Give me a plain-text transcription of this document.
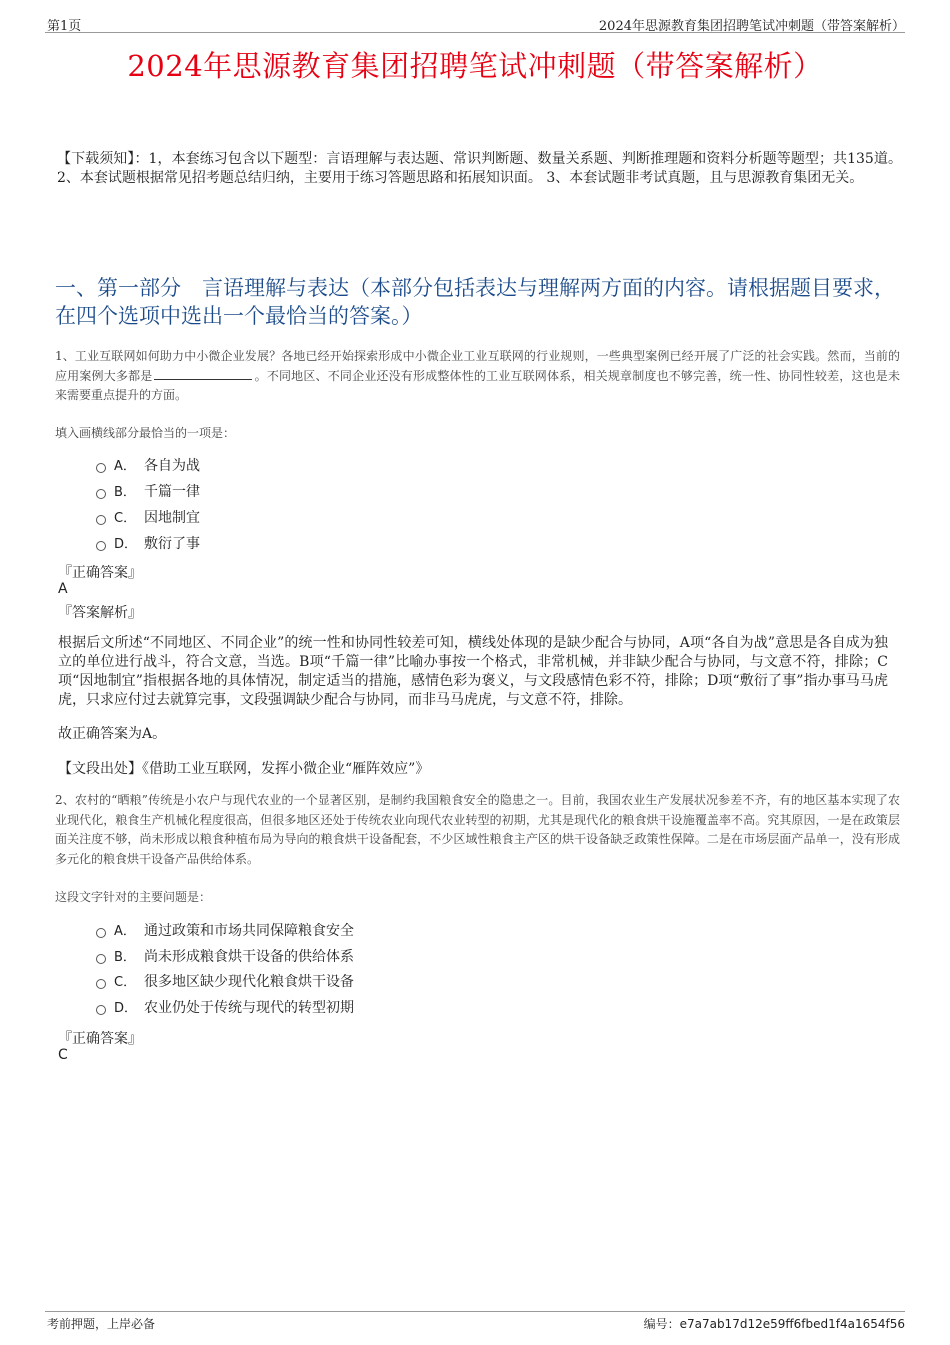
第1页	2024年思源教育集团招聘笔试冲刺题（带答案解析）
2024年思源教育集团招聘笔试冲刺题（带答案解析）
【下载须知】：1，本套练习包含以下题型：言语理解与表达题、常识判断题、数量关系题、判断推理题和资料分析题等题型；共135道。 2、本套试题根据常见招考题总结归纳，主要用于练习答题思路和拓展知识面。 3、本套试题非考试真题，且与思源教育集团无关。
一、第一部分　言语理解与表达（本部分包括表达与理解两方面的内容。请根据题目要求，在四个选项中选出一个最恰当的答案。）
1、工业互联网如何助力中小微企业发展？各地已经开始探索形成中小微企业工业互联网的行业规则，一些典型案例已经开展了广泛的社会实践。然而，当前的应用案例大多都是	。不同地区、不同企业还没有形成整体性的工业互联网体系，相关规章制度也不够完善，统一性、协同性较差，这也是未来需要重点提升的方面。
填入画横线部分最恰当的一项是：
A． 各自为战
B． 千篇一律
C． 因地制宜
D． 敷衍了事
『正确答案』
A
『答案解析』
根据后文所述“不同地区、不同企业”的统一性和协同性较差可知，横线处体现的是缺少配合与协同，A项“各自为战”意思是各自成为独立的单位进行战斗，符合文意，当选。B项“千篇一律”比喻办事按一个格式，非常机械，并非缺少配合与协同，与文意不符，排除；C项“因地制宜”指根据各地的具体情况，制定适当的措施，感情色彩为褒义，与文段感情色彩不符，排除；D项“敷衍了事”指办事马马虎虎，只求应付过去就算完事，文段强调缺少配合与协同，而非马马虎虎，与文意不符，排除。
故正确答案为A。
【文段出处】《借助工业互联网，发挥小微企业“雁阵效应”》
2、农村的“晒粮”传统是小农户与现代农业的一个显著区别，是制约我国粮食安全的隐患之一。目前，我国农业生产发展状况参差不齐，有的地区基本实现了农业现代化，粮食生产机械化程度很高，但很多地区还处于传统农业向现代农业转型的初期，尤其是现代化的粮食烘干设施覆盖率不高。究其原因，一是在政策层面关注度不够，尚未形成以粮食种植布局为导向的粮食烘干设备配套，不少区域性粮食主产区的烘干设备缺乏政策性保障。二是在市场层面产品单一，没有形成多元化的粮食烘干设备产品供给体系。
这段文字针对的主要问题是：
A． 通过政策和市场共同保障粮食安全
B． 尚未形成粮食烘干设备的供给体系
C． 很多地区缺少现代化粮食烘干设备
D． 农业仍处于传统与现代的转型初期
『正确答案』
C
考前押题，上岸必备	编号：e7a7ab17d12e59ff6fbed1f4a1654f56
